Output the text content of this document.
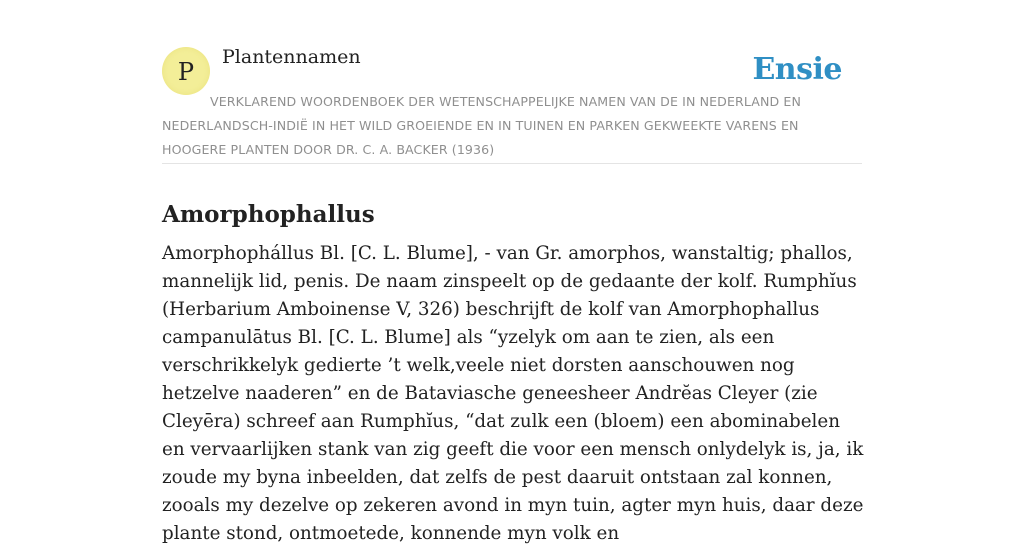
P
Plantennamen	Ensie
VERKLAREND WOORDENBOEK DER WETENSCHAPPELIJKE NAMEN VAN DE IN NEDERLAND EN NEDERLANDSCH-INDIË IN HET WILD GROEIENDE EN IN TUINEN EN PARKEN GEKWEEKTE VARENS EN HOOGERE PLANTEN DOOR DR. C. A. BACKER (1936)
Amorphophallus

Amorphophállus Bl. [C. L. Blume], - van Gr. amorphos, wanstaltig; phallos, mannelijk lid, penis. De naam zinspeelt op de gedaante der kolf. Rumphĭus (Herbarium Amboinense V, 326) beschrijft de kolf van Amorphophallus campanulātus Bl. [C. L. Blume] als “yzelyk om aan te zien, als een verschrikkelyk gedierte ’t welk,veele niet dorsten aanschouwen nog hetzelve naaderen” en de Bataviasche geneesheer Andrĕas Cleyer (zie Cleyēra) schreef aan Rumphĭus, “dat zulk een (bloem) een abominabelen en vervaarlijken stank van zig geeft die voor een mensch onlydelyk is, ja, ik zoude my byna inbeelden, dat zelfs de pest daaruit ontstaan zal konnen, zooals my dezelve op zekeren avond in myn tuin, agter myn huis, daar deze plante stond, ontmoetede, konnende myn volk en
